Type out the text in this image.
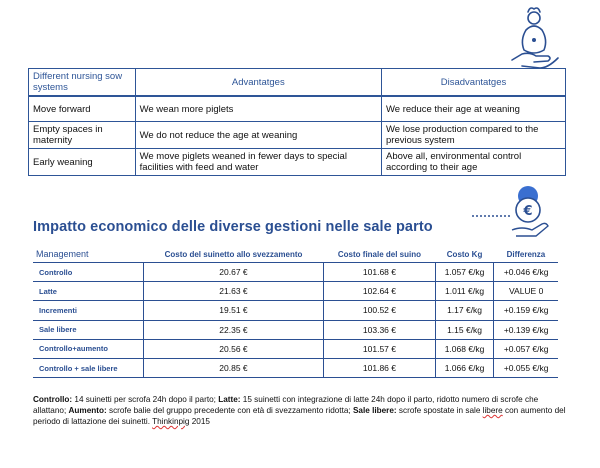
Different nursing sow systems	Advantatges	Disadvantatges
Move forward	We wean more piglets	We reduce their age at weaning
Empty spaces in maternity	We do not reduce the age at weaning	We lose production compared to the previous system
Early weaning	We move piglets weaned in fewer days to special facilities with feed and water	Above all, environmental control according to their age
Impatto economico delle diverse gestioni nelle sale parto
€
Management	Costo del suinetto allo svezzamento	Costo finale del suino	Costo Kg	Differenza
Controllo	20.67 €	101.68 €	1.057 €/kg	+0.046 €/kg
Latte	21.63 €	102.64 €	1.011 €/kg	VALUE 0
Incrementi	19.51 €	100.52 €	1.17 €/kg	+0.159 €/kg
Sale libere	22.35 €	103.36 €	1.15 €/kg	+0.139 €/kg
Controllo+aumento	20.56 €	101.57 €	1.068 €/kg	+0.057 €/kg
Controllo + sale libere	20.85 €	101.86 €	1.066 €/kg	+0.055 €/kg
Controllo: 14 suinetti per scrofa 24h dopo il parto; Latte: 15 suinetti con integrazione di latte 24h dopo il parto, ridotto numero di scrofe che allattano; Aumento: scrofe balie del gruppo precedente con età di svezzamento ridotta; Sale libere: scrofe spostate in sale libere con aumento del periodo di lattazione dei suinetti. Thinkinpig 2015
